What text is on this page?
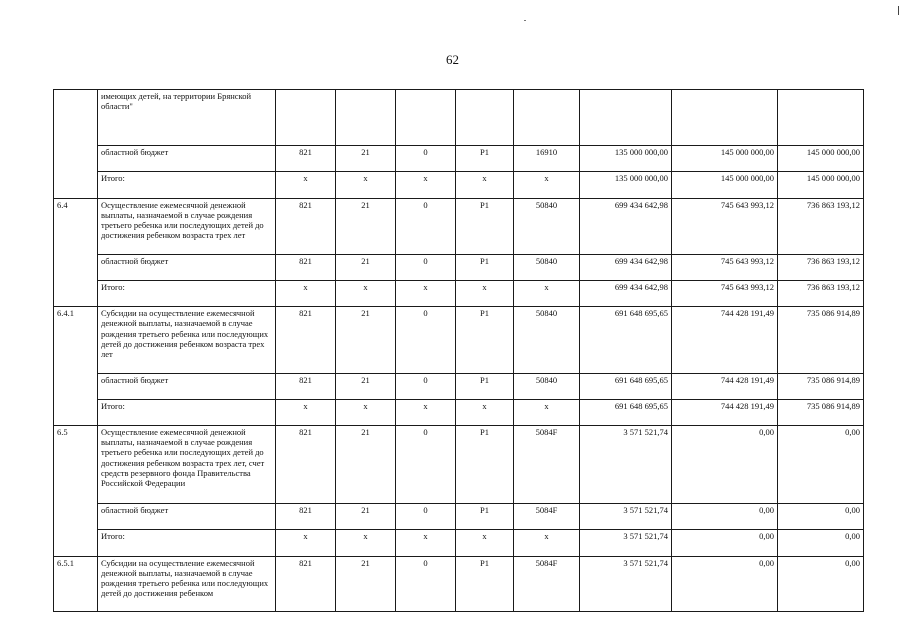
62
	имеющих детей, на территории Брянской области"								
	областной бюджет	821	21	0	P1	16910	135 000 000,00	145 000 000,00	145 000 000,00
	Итого:	х	х	х	х	х	135 000 000,00	145 000 000,00	145 000 000,00
6.4	Осуществление ежемесячной денежной выплаты, назначаемой в случае рождения третьего ребенка или последующих детей до достижения ребенком возраста трех лет	821	21	0	P1	50840	699 434 642,98	745 643 993,12	736 863 193,12
	областной бюджет	821	21	0	P1	50840	699 434 642,98	745 643 993,12	736 863 193,12
	Итого:	х	х	х	х	х	699 434 642,98	745 643 993,12	736 863 193,12
6.4.1	Субсидии на осуществление ежемесячной денежной выплаты, назначаемой в случае рождения третьего ребенка или последующих детей до достижения ребенком возраста трех лет	821	21	0	P1	50840	691 648 695,65	744 428 191,49	735 086 914,89
	областной бюджет	821	21	0	P1	50840	691 648 695,65	744 428 191,49	735 086 914,89
	Итого:	х	х	х	х	х	691 648 695,65	744 428 191,49	735 086 914,89
6.5	Осуществление ежемесячной денежной выплаты, назначаемой в случае рождения третьего ребенка или последующих детей до достижения ребенком возраста трех лет, счет средств резервного фонда Правительства Российской Федерации	821	21	0	P1	5084F	3 571 521,74	0,00	0,00
	областной бюджет	821	21	0	P1	5084F	3 571 521,74	0,00	0,00
	Итого:	х	х	х	х	х	3 571 521,74	0,00	0,00
6.5.1	Субсидии на осуществление ежемесячной денежной выплаты, назначаемой в случае рождения третьего ребенка или последующих детей до достижения ребенком	821	21	0	P1	5084F	3 571 521,74	0,00	0,00
